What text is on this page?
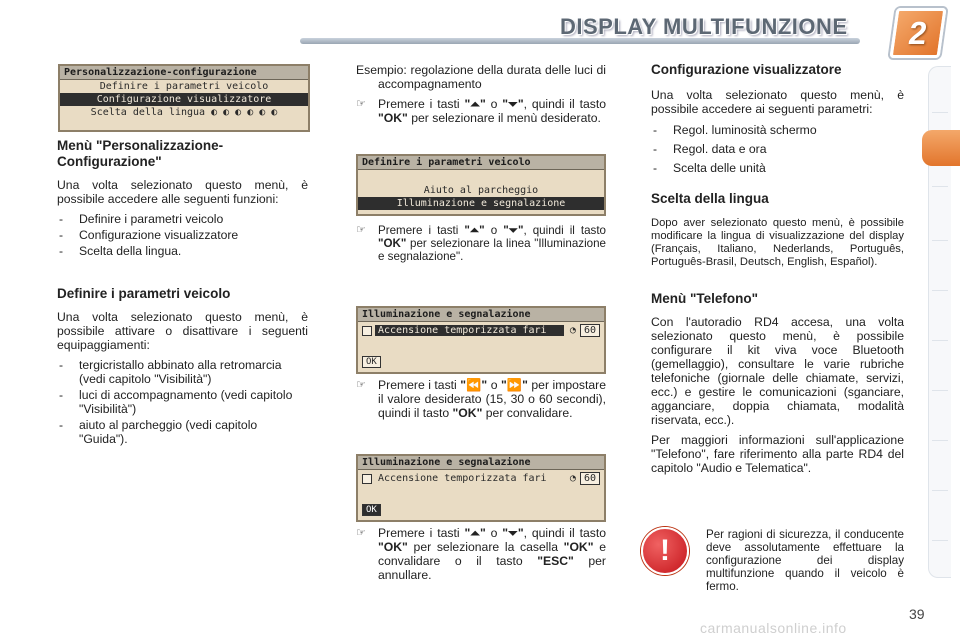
DISPLAY MULTIFUNZIONE	2
Personalizzazione-configurazione
Definire i parametri veicolo
Configurazione visualizzatore
Scelta della lingua ◐ ◐ ◐ ◐ ◐ ◐
Menù "Personalizzazione-Configurazione"

Una volta selezionato questo menù, è possibile accedere alle seguenti funzioni:

- Definire i parametri veicolo
- Configurazione visualizzatore
- Scelta della lingua.
Definire i parametri veicolo

Una volta selezionato questo menù, è possibile attivare o disattivare i seguenti equipaggiamenti:

- tergicristallo abbinato alla retromarcia (vedi capitolo "Visibilità")
- luci di accompagnamento (vedi capitolo "Visibilità")
- aiuto al parcheggio (vedi capitolo "Guida").

Esempio: regolazione della durata delle luci di accompagnamento

☞ Premere i tasti "⏶" o "⏷", quindi il tasto "OK" per selezionare il menù desiderato.
Definire i parametri veicolo
Aiuto al parcheggio
Illuminazione e segnalazione
☞ Premere i tasti "⏶" o "⏷", quindi il tasto "OK" per selezionare la linea "Illuminazione e segnalazione".
Illuminazione e segnalazione
Accensione temporizzata fari	◔ 60
OK
☞ Premere i tasti "⏪" o "⏩" per impostare il valore desiderato (15, 30 o 60 secondi), quindi il tasto "OK" per convalidare.
Illuminazione e segnalazione
Accensione temporizzata fari	◔ 60
OK
☞ Premere i tasti "⏶" o "⏷", quindi il tasto "OK" per selezionare la casella "OK" e convalidare o il tasto "ESC" per annullare.
Configurazione visualizzatore

Una volta selezionato questo menù, è possibile accedere ai seguenti parametri:

- Regol. luminosità schermo
- Regol. data e ora
- Scelta delle unità
Scelta della lingua

Dopo aver selezionato questo menù, è possibile modificare la lingua di visualizzazione del display (Français, Italiano, Nederlands, Português, Português-Brasil, Deutsch, English, Español).

Menù "Telefono"

Con l'autoradio RD4 accesa, una volta selezionato questo menù, è possibile configurare il kit viva voce Bluetooth (gemellaggio), consultare le varie rubriche telefoniche (giornale delle chiamate, servizi, ecc.) e gestire le comunicazioni (sganciare, agganciare, doppia chiamata, modalità riservata, ecc.).

Per maggiori informazioni sull'applicazione "Telefono", fare riferimento alla parte RD4 del capitolo "Audio e Telematica".

!	Per ragioni di sicurezza, il conducente deve assolutamente effettuare la configurazione dei display multifunzione quando il veicolo è fermo.

39
carmanualsonline.info
